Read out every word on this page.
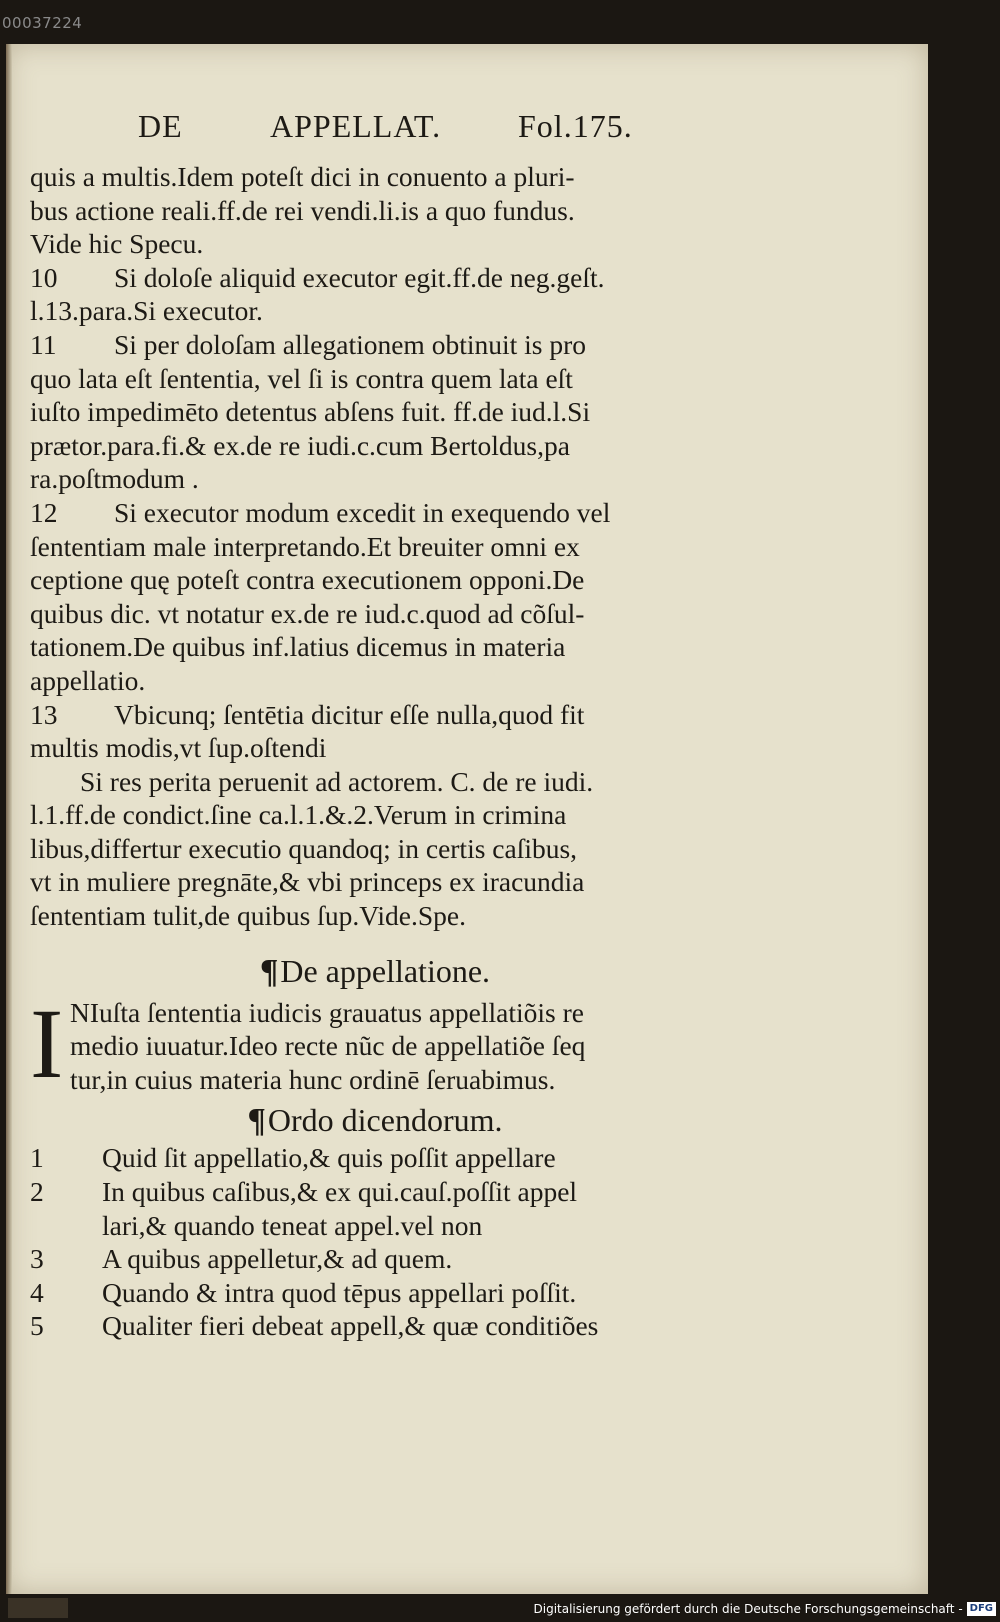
00037224
DE	APPELLAT. Fol.175.
quis a multis.Idem poteſt dici in conuento a pluri-
bus actione reali.ff.de rei vendi.li.is a quo fundus.
Vide hic Specu.
10 Si doloſe aliquid executor egit.ff.de neg.geſt.
l.13.para.Si executor.
11 Si per doloſam allegationem obtinuit is pro
quo lata eſt ſententia, vel ſi is contra quem lata eſt
iuſto impedimēto detentus abſens fuit. ff.de iud.l.Si
prætor.para.fi.& ex.de re iudi.c.cum Bertoldus,pa
ra.poſtmodum .
12 Si executor modum excedit in exequendo vel
ſententiam male interpretando.Et breuiter omni ex
ceptione quę poteſt contra executionem opponi.De
quibus dic. vt notatur ex.de re iud.c.quod ad cõſul-
tationem.De quibus inf.latius dicemus in materia
appellatio.
13 Vbicunq; ſentētia dicitur eſſe nulla,quod fit
multis modis,vt ſup.oſtendi
Si res perita peruenit ad actorem. C. de re iudi.
l.1.ff.de condict.ſine ca.l.1.&.2.Verum in crimina
libus,differtur executio quandoq; in certis caſibus,
vt in muliere pregnāte,& vbi princeps ex iracundia
ſententiam tulit,de quibus ſup.Vide.Spe.
¶De appellatione.
I NIuſta ſententia iudicis grauatus appellatiõis re
medio iuuatur.Ideo recte nũc de appellatiõe ſeq
tur,in cuius materia hunc ordinē ſeruabimus.
¶Ordo dicendorum.
1 Quid ſit appellatio,& quis poſſit appellare
2 In quibus caſibus,& ex qui.cauſ.poſſit appel
lari,& quando teneat appel.vel non
3 A quibus appelletur,& ad quem.
4 Quando & intra quod tēpus appellari poſſit.
5 Qualiter fieri debeat appell,& quæ conditiões
Digitalisierung gefördert durch die Deutsche Forschungsgemeinschaft - DFG
